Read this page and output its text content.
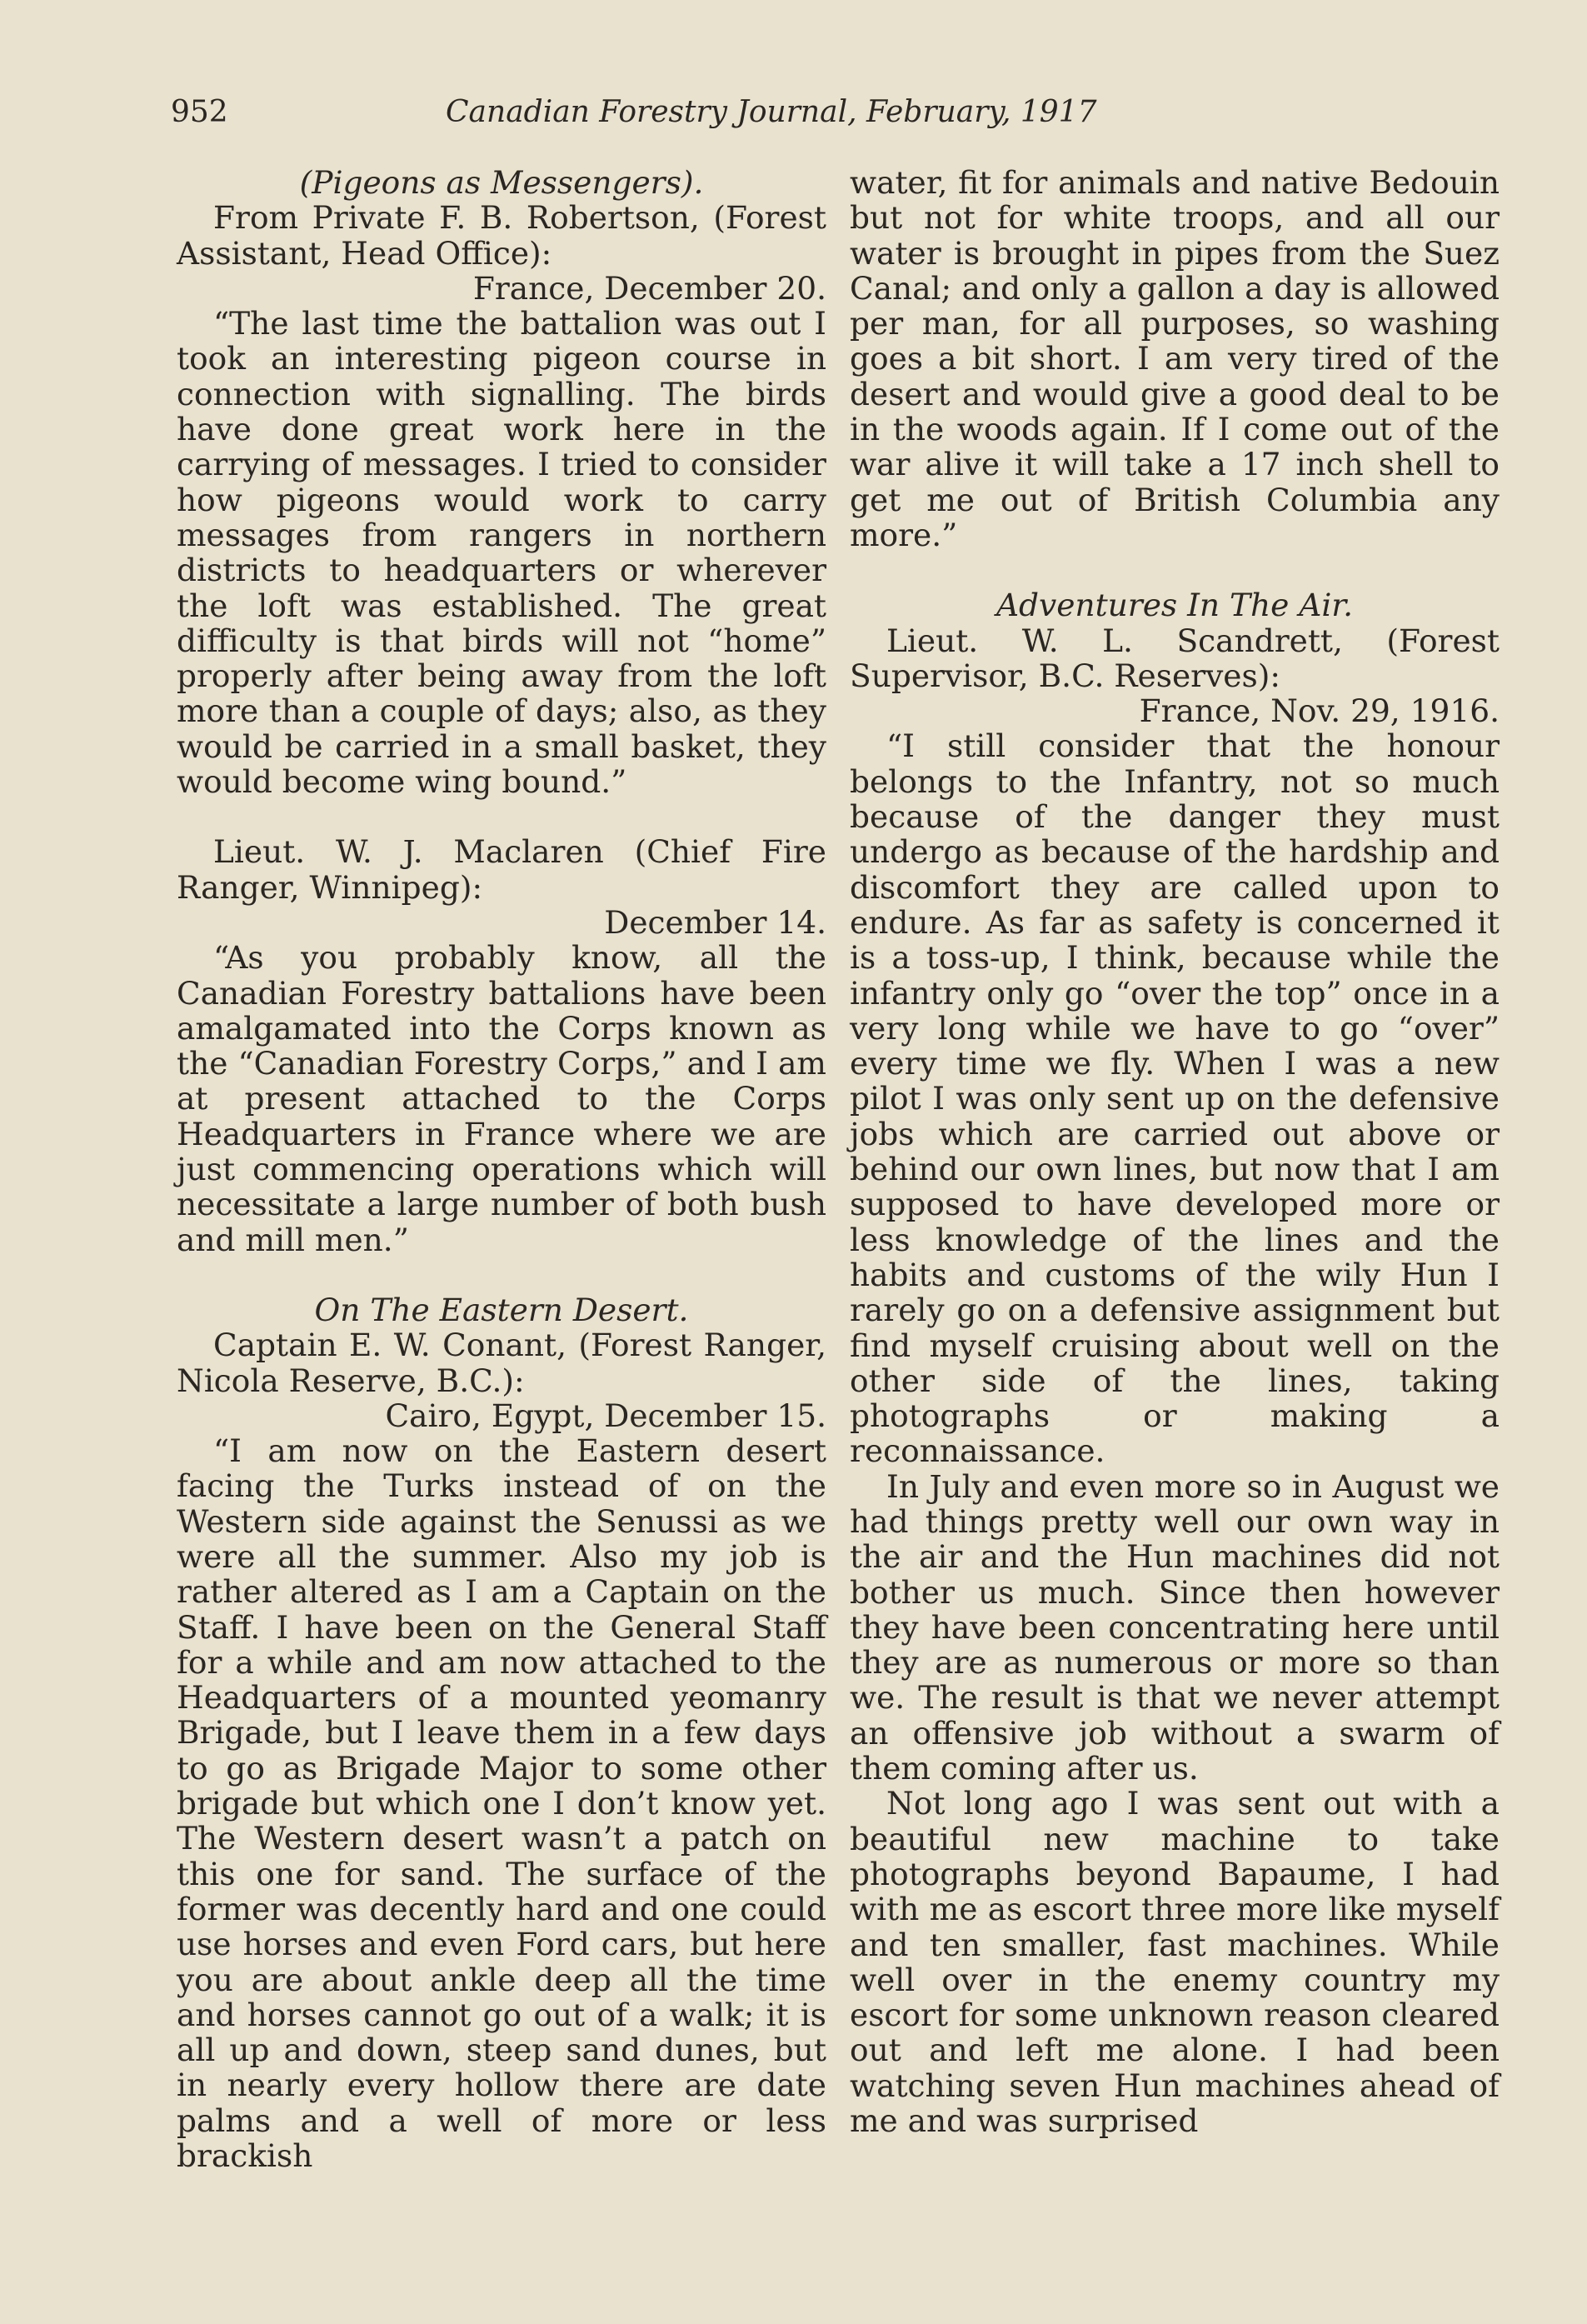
952	Canadian Forestry Journal, February, 1917

(Pigeons as Messengers).

From Private F. B. Robertson, (Forest Assistant, Head Office):

France, December 20.

“The last time the battalion was out I took an interesting pigeon course in connection with signalling. The birds have done great work here in the carrying of messages. I tried to consider how pigeons would work to carry messages from rangers in northern districts to headquarters or wherever the loft was established. The great difficulty is that birds will not “home” properly after being away from the loft more than a couple of days; also, as they would be carried in a small basket, they would become wing bound.”

Lieut. W. J. Maclaren (Chief Fire Ranger, Winnipeg):

December 14.

“As you probably know, all the Canadian Forestry battalions have been amalgamated into the Corps known as the “Canadian Forestry Corps,” and I am at present attached to the Corps Headquarters in France where we are just commencing operations which will necessitate a large number of both bush and mill men.”

On The Eastern Desert.

Captain E. W. Conant, (Forest Ranger, Nicola Reserve, B.C.):

Cairo, Egypt, December 15.

“I am now on the Eastern desert facing the Turks instead of on the Western side against the Senussi as we were all the summer. Also my job is rather altered as I am a Captain on the Staff. I have been on the General Staff for a while and am now attached to the Headquarters of a mounted yeomanry Brigade, but I leave them in a few days to go as Brigade Major to some other brigade but which one I don’t know yet. The Western desert wasn’t a patch on this one for sand. The surface of the former was decently hard and one could use horses and even Ford cars, but here you are about ankle deep all the time and horses cannot go out of a walk; it is all up and down, steep sand dunes, but in nearly every hollow there are date palms and a well of more or less brackish

water, fit for animals and native Bedouin but not for white troops, and all our water is brought in pipes from the Suez Canal; and only a gallon a day is allowed per man, for all purposes, so washing goes a bit short. I am very tired of the desert and would give a good deal to be in the woods again. If I come out of the war alive it will take a 17 inch shell to get me out of British Columbia any more.”

Adventures In The Air.

Lieut. W. L. Scandrett, (Forest Supervisor, B.C. Reserves):

France, Nov. 29, 1916.

“I still consider that the honour belongs to the Infantry, not so much because of the danger they must undergo as because of the hardship and discomfort they are called upon to endure. As far as safety is concerned it is a toss-up, I think, because while the infantry only go “over the top” once in a very long while we have to go “over” every time we fly. When I was a new pilot I was only sent up on the defensive jobs which are carried out above or behind our own lines, but now that I am supposed to have developed more or less knowledge of the lines and the habits and customs of the wily Hun I rarely go on a defensive assignment but find myself cruising about well on the other side of the lines, taking photographs or making a reconnaissance.

In July and even more so in August we had things pretty well our own way in the air and the Hun machines did not bother us much. Since then however they have been concentrating here until they are as numerous or more so than we. The result is that we never attempt an offensive job without a swarm of them coming after us.

Not long ago I was sent out with a beautiful new machine to take photographs beyond Bapaume, I had with me as escort three more like myself and ten smaller, fast machines. While well over in the enemy country my escort for some unknown reason cleared out and left me alone. I had been watching seven Hun machines ahead of me and was surprised
